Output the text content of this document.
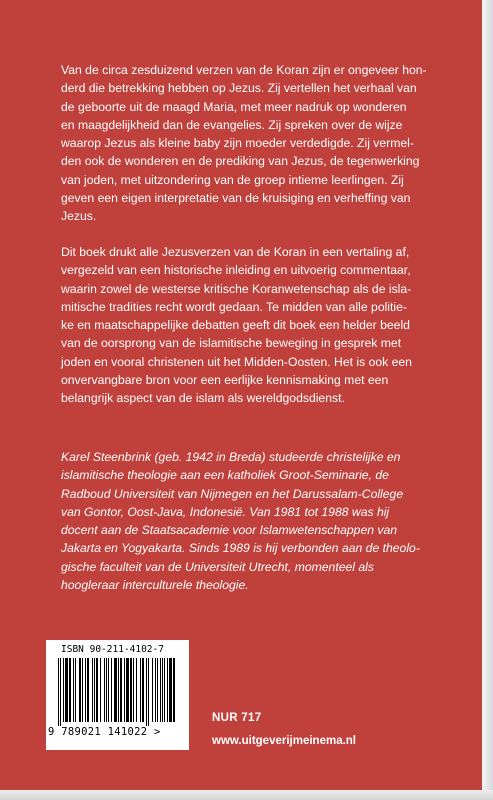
Van de circa zesduizend verzen van de Koran zijn er ongeveer hon-
derd die betrekking hebben op Jezus. Zij vertellen het verhaal van
de geboorte uit de maagd Maria, met meer nadruk op wonderen
en maagdelijkheid dan de evangelies. Zij spreken over de wijze
waarop Jezus als kleine baby zijn moeder verdedigde. Zij vermel-
den ook de wonderen en de prediking van Jezus, de tegenwerking
van joden, met uitzondering van de groep intieme leerlingen. Zij
geven een eigen interpretatie van de kruisiging en verheffing van
Jezus.
Dit boek drukt alle Jezusverzen van de Koran in een vertaling af,
vergezeld van een historische inleiding en uitvoerig commentaar,
waarin zowel de westerse kritische Koranwetenschap als de isla-
mitische tradities recht wordt gedaan. Te midden van alle politie-
ke en maatschappelijke debatten geeft dit boek een helder beeld
van de oorsprong van de islamitische beweging in gesprek met
joden en vooral christenen uit het Midden-Oosten. Het is ook een
onvervangbare bron voor een eerlijke kennismaking met een
belangrijk aspect van de islam als wereldgodsdienst.
Karel Steenbrink (geb. 1942 in Breda) studeerde christelijke en
islamitische theologie aan een katholiek Groot-Seminarie, de
Radboud Universiteit van Nijmegen en het Darussalam-College
van Gontor, Oost-Java, Indonesië. Van 1981 tot 1988 was hij
docent aan de Staatsacademie voor Islamwetenschappen van
Jakarta en Yogyakarta. Sinds 1989 is hij verbonden aan de theolo-
gische faculteit van de Universiteit Utrecht, momenteel als
hoogleraar interculturele theologie.
ISBN 90-211-4102-7
9 789021 141022 >
NUR 717
www.uitgeverijmeinema.nl
